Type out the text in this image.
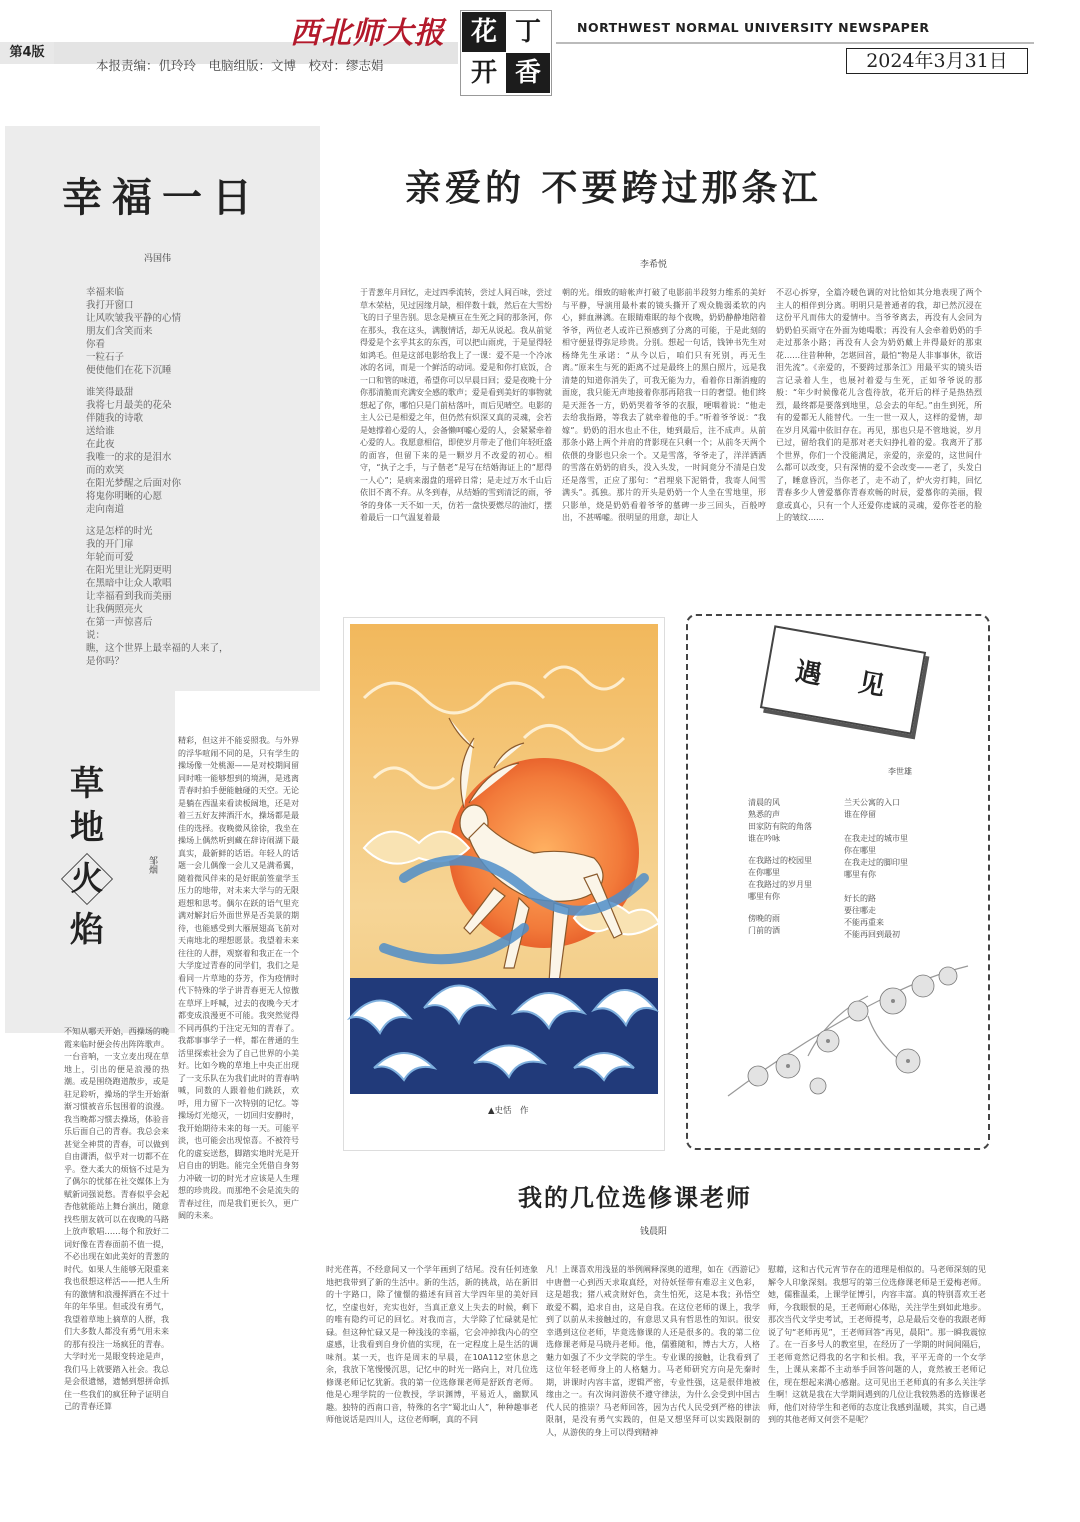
第4版
西北师大报
本报责编：仉玲玲　电脑组版：文博　校对：缪志娟
花 丁
开 香
NORTHWEST NORMAL UNIVERSITY NEWSPAPER
2024年3月31日
幸福一日
冯国伟
幸福来临
我打开窗口
让风吹皱我平静的心情
朋友们含笑而来
你看
一粒石子
便使他们在花下沉睡
谁笑得最甜
我将七月最美的花朵
伴随我的诗歌
送给谁
在此夜
我唯一的求的是泪水
而的欢笑
在阳光梦醒之后面对你
将鬼你明晰的心愿
走向南道
这是怎样的时光
我的开门扉
年轮而可爱
在阳光里让光阴更明
在黑暗中让众人歌唱
让幸福看到我而美丽
让我俩照亮火
在第一声惊喜后
说：
瞧，这个世界上最幸福的人来了，
是你吗？
亲爱的 不要跨过那条江
李希悦
于青葱年月回忆，走过四季流转，尝过人间百味，尝过草木荣枯，见过因缘月缺，相伴数十载，然后在大雪纷飞的日子里告别。思念是横亘在生死之间的那条河，你在那头，我在这头，满腹情话，却无从说起。我从前觉得爱是个玄乎其玄的东西，可以把山雨虎，于是显得轻如鸿毛。但是这部电影给我上了一课：爱不是一个冷冰冰的名词，而是一个鲜活的动词。爱是和你打底饭，合一口和管的味道，希望你可以早晨日回；爱是夜晚十分你那清脆而充满安全感的歌声；爱是看到美好的事物就想起了你，哪怕只是门前枯落叶，而后见晴空。电影的主人公已是相爱之年，但仍然有炽深又真的灵魂，会若是她撑着心爱的人，会备懒呵嘘心爱的人，会紧紧牵着心爱的人。我愿意相信，即使岁月带走了他们年轻旺盛的面容，但留下来的是一颗岁月不改爱的初心。相守，“执子之手，与子偕老”是写在结婚海证上的“愿得一人心”；是病来溺盘的瑶碎日常；是走过万水千山后依旧不离不弃。从冬到春，从结婚的雪到清泛的雨，爷爷的身体一天不如一天，仿若一盘快要燃尽的油灯，摆着最后一口气温复着最
朝的光。细致的暗帐声打破了电影前半段努力维系的美好与平静，导演用最朴素的镜头撕开了观众脆弱柔软的内心，鲜血淋漓。在眼睛难眠的每个夜晚，奶奶静静地陪着爷爷，两位老人或许已预感到了分离的可能，于是此刻的相守便显得弥足珍贵。分别。想起一句话，钱钟书先生对杨绛先生承诺：“从今以后，咱们只有死别，再无生离。”原来生与死的距离不过是最终上的黑白照片，远是我清楚的知道你消失了，可我无能为力，看着你日渐消瘦的面庞，我只能无声地接着你那再陪我一日的奢望。他们终是天涯各一方，奶奶哭着爷爷的衣服，哽咽着说：“他走去给我指路，等我去了就牵着他的手。”听着爷爷说：“我嫁”。奶奶的泪水也止不住，她到最后，注不成声。从前那条小路上两个并肩的背影现在只剩一个；从前冬天两个依偎的身影也只余一个。又是雪落，爷爷走了，洋洋洒洒的雪落在奶奶的肩头，没入头发，一时间竟分不清是白发还是落雪，正应了那句：“君埋泉下泥销骨，我寄人间雪满头”。孤独。那片的开头是奶奶一个人坐在雪地里，形只影单，烧是奶奶看着爷爷的墓碑一步三回头，百般哼出，不甚唏嘘。很明显的用意，却让人
不忍心拆穿，全篇冷暖色调的对比恰如其分地表现了两个主人的相伴到分离。明明只是普通者的我，却已然沉浸在这份平凡而伟大的爱情中。当爷爷离去，再没有人会同为奶奶伯买雨守在外面为她喝歌；再没有人会牵着奶奶的手走过那条小路；再没有人会为奶奶戴上井得最好的那束花……往昔种种，怎堪回首，最怕“物是人非事事休，欲语泪先流”。《亲爱的，不要跨过那条江》用最平实的镜头语言记录着人生，也展衬着爱与生死，正如爷爷说的那般：“年少时候像花儿含苞待放，花开后的样子是热热烈烈，最终都是要落到地里，总会去的年纪。”由生到死，所有的爱都无人能替代。一生一世一双人，这样的爱情，却在岁月风霜中依旧存在。再见，那也只是不管地说，岁月已过，留给我们的是那对老夫妇挣扎着的爱。我离开了那个世界，你们一个没能满足，亲爱的，亲爱的，这世间什么都可以改变，只有深情的爱不会改变——老了，头发白了，睡意昏沉，当你老了，走不动了，炉火旁打盹，回忆青春多少人曾爱慕你青春欢畅的时辰，爱慕你的美丽，假意或真心，只有一个人还爱你虔诚的灵魂，爱你苍老的脸上的皱纹……
草
地
火
焰
邹烟
精彩，但这并不能妥照我。与外界的浮华喧闹不同的是，只有学生的操场像一处桃源——是对校期间留同时唯一能够想到的境洲，是逃离青春时拍手便能触碰的天空。无论是躺在西温来看读板阔地，还是对着三五好友摔酒汗水，操场都是最佳的选择。夜晚微风徐徐，我坐在操场上偶然听到藏在辞诗闹湖下最真实，最新鲜的话语。年轻人的话题一会儿偶像一会儿又是满希翼，随着微风伴来的是好眠前签童学玉压力的地带，对未来大学与的无限遐想和思考。偶尔在跃的语气里充满对解封后外面世界是否美景的期待，也能感受到大雁展翅高飞前对天南地北的理想愿景。我望着未来往往的人群，观察着和我正在一个大学度过青春的同学们，我们之是看同一片草地的芬芳，作为疫情时代下特殊的学子讲青春更无人惊傲在草坪上呼喊，过去的夜晚今天才都变成浪漫更不可能。我突然觉得不同再俱约于注定无知的青春了。我都事事学子一样，都在普通的生活里探索社会为了自己世界的小美好。比如今晚的草地上中央正出现了一支乐队在为我们此时的青春呐喊，同数的人跟着他们跳跃，欢呼，用力留下一次特别的记忆。等操场灯光熄灭，一切回归安静时，我开始期待未来的每一天。可能平淡，也可能会出现惊喜。不被符号化的虚妄送愁，脚踏实地时光是开启自由的钥匙。能完全凭借自身努力冲破一切的时光才应该是人生理想的珍贵段。而那绝不会是流失的青春过往，而是我们更长久，更广阔的未来。
不知从哪天开始，西操场的晚霞来临时便会传出阵阵歌声。一台音响，一支立麦出现在草地上，引出的便是浪漫的热潮。或是围绕跑道散步，或是驻足聆听，操场的学生开始渐渐习惯被音乐包围着的浪漫。我当晚都习惯去操场，体验音乐后面自己的青春。我总会来甚觉全神贯的青春，可以做到自由潇洒，似乎对一切都不在乎。登大柔大的烦恼不过是为了偶尔的忧郁在社交媒体上为赋新词强说愁。青春似乎会起杏他就能站上舞台演出，随意找些朋友就可以在夜晚的马路上放声歌唱……每个和放好二词好像在青春面前不值一提，不必出现在如此美好的青葱的时代。如果人生能够无限重来我也很想这样活——把人生所有的激情和浪漫挥洒在不过十年的年华里。但或没有勇气，我望着草地上摘草的人群，我们大多数人都没有勇气用未来的那有投注一场疯狂的青春。大学时光一晃眼变转途是声，我们马上就要踏入社会。我总是会很遗憾，遗憾到想拼命抓住一些我们的疯狂种子证明自己的青春还算
▲史恬　作
李世雄
清晨的风
熟悉的声
田家防有院的角落
谁在吟咏
在我路过的校园里
在你哪里
在我路过的岁月里
哪里有你
傍晚的雨
门前的酒
兰天公寓的入口
谁在停留
在我走过的城市里
你在哪里
在我走过的脚印里
哪里有你
好长的路
要往哪走
不能再重来
不能再回到最初
遇　见
我的几位选修课老师
钱晨阳
时光荏苒，不经意间又一个学年画到了结尾。没有任何迹象地把我带到了新的生活中。新的生活，新的挑战，站在新旧的十字路口，除了憧憬的描述有回首大学四年里的美好回忆，空虚也好，充实也好，当真正意义上失去的时候，剩下的唯有隐约可记的回忆。对我而言，大学除了忙碌就是忙碌。但这种忙碌又是一种浅浅的幸福，它会冲掉我内心的空虚感，让我看到自身价值的实现，在一定程度上是生活的调味剂。某一天，也许是周末的早晨，在10A112室休息之余，我放下笔慢慢沉思，记忆中的时光一路向上，对几位选修课老师记忆犹新。我的第一位选修课老师是舒跃育老师。他是心理学院的一位教授，学识渊博，平易近人，幽默风趣。独特的西南口音，特殊的名字“蜀北山人”，种种趣事老师他说话是四川人，这位老师啊，真的不同
凡！上课喜欢用浅显的举例阐释深奥的道理，如在《西游记》中唐僧一心到西天求取真经，对待妖怪带有难忍主义色彩，这是超我；猪八戒贪财好色，贪生怕死，这是本我；孙悟空敢爱不羁，追求自由，这是自我。在这位老师的课上，我学到了以前从未接触过的，有意思又具有哲思性的知识。很安幸遇到这位老师，毕竟选修课的人还是很多的。我的第二位选修课老师是马晓丹老师。他，儒雅随和，博古大方，人格魅力如强了不少文学院的学生。专业课的接触，让我看到了这位年轻老师身上的人格魅力。马老师研究方向是先秦时期，讲课时内容丰富，逻辑严密，专业性强，这是很伴地被缘由之一。有次询问游侠不遵守律法，为什么会受到中国古代人民的推崇？马老师回答，因为古代人民受到严格的律法限制，是没有勇气实践的，但是又想坚拜可以实践限制的人，从游侠的身上可以得到精神
慰藉，这和古代元宵节存在的道理是相似的。马老师深刻的见解令人印象深刻。我想写的第三位选修课老师是王爱梅老师。她，儒雅温柔，上课学征博引，内容丰富。真的特别喜欢王老师，今我眼恨的是，王老师耐心体贴，关注学生到如此地步。那次当代文学史考试，王老师提考，总是最后交卷的我跟老师说了句“老师再见”，王老师回答“再见，晨阳”。那一瞬我震惊了。在一百多号人的教室里，在经历了一学期的时间间隔后，王老师竟然记得我的名字和长相。我，平平无奇的一个女学生，上课从来都不主动举手回答问题的人，竟然被王老师记住，现在想起来满心感谢。这可见出王老师真的有多么关注学生啊！这就是我在大学期间遇到的几位让我较熟悉的选修课老师，他们对待学生和老师的态度让我感到温暖，其实，自己遇到的其他老师又何尝不是呢？
